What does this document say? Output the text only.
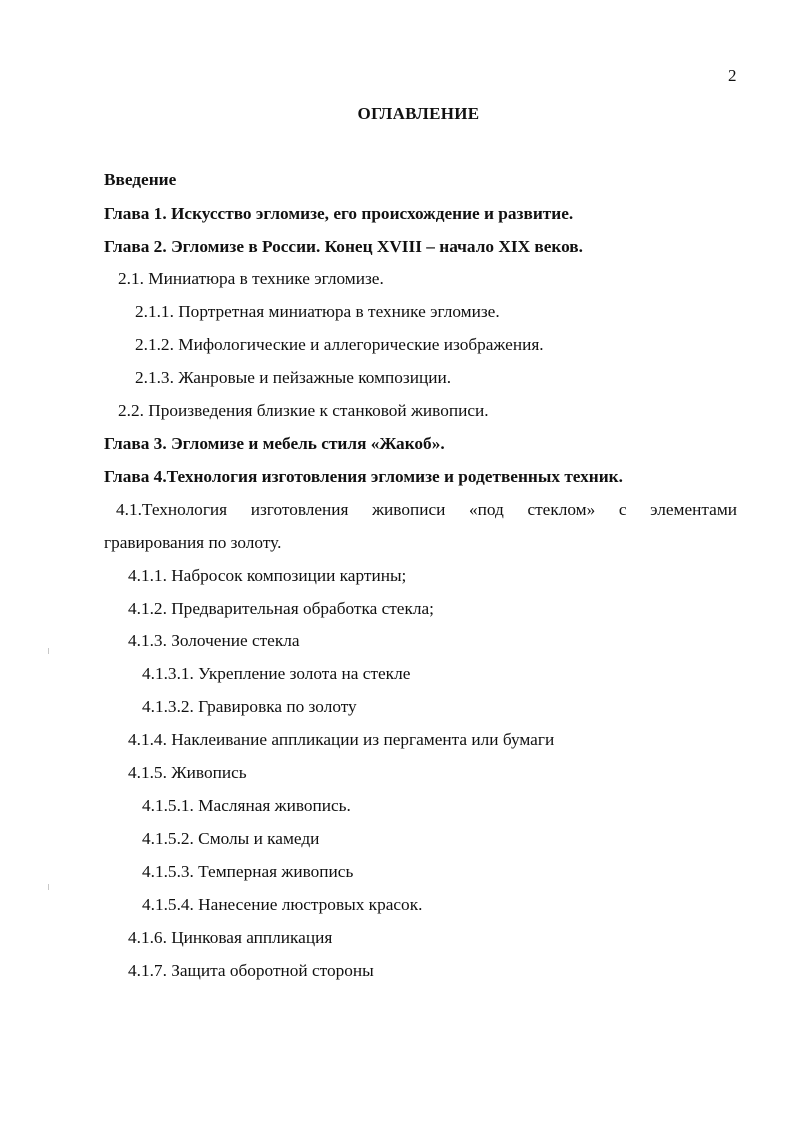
2
ОГЛАВЛЕНИЕ
Введение
Глава 1. Искусство эгломизе, его происхождение и развитие.
Глава 2. Эгломизе в России. Конец XVIII – начало XIX веков.
2.1. Миниатюра в технике эгломизе.
2.1.1. Портретная миниатюра в технике эгломизе.
2.1.2. Мифологические и аллегорические изображения.
2.1.3. Жанровые и пейзажные композиции.
2.2. Произведения близкие к станковой живописи.
Глава 3. Эгломизе и мебель стиля «Жакоб».
Глава 4.Технология изготовления эгломизе и родетвенных техник.
4.1.Технология изготовления живописи «под стеклом» с элементами
гравирования по золоту.
4.1.1. Набросок композиции картины;
4.1.2. Предварительная обработка стекла;
4.1.3. Золочение стекла
4.1.3.1. Укрепление золота на стекле
4.1.3.2. Гравировка по золоту
4.1.4. Наклеивание аппликации из пергамента или бумаги
4.1.5. Живопись
4.1.5.1. Масляная живопись.
4.1.5.2. Смолы и камеди
4.1.5.3. Темперная живопись
4.1.5.4. Нанесение люстровых красок.
4.1.6. Цинковая аппликация
4.1.7. Защита оборотной стороны
